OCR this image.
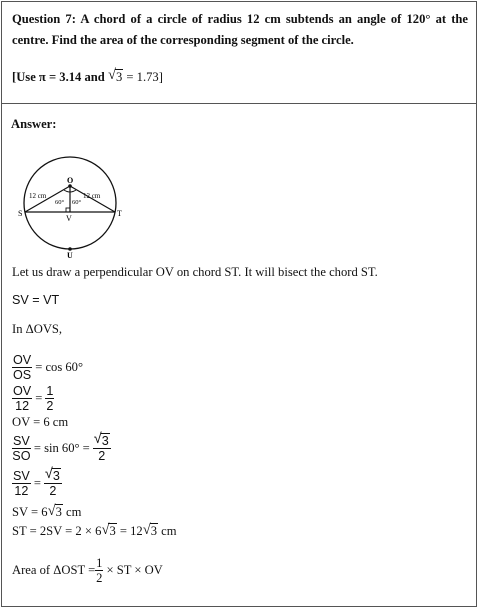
Question 7: A chord of a circle of radius 12 cm subtends an angle of 120° at the centre. Find the area of the corresponding segment of the circle.
[Use π = 3.14 and √ 3 = 1.73]
Answer:
O
S	T
V
U
12 cm	12 cm
60° 60°
Let us draw a perpendicular OV on chord ST. It will bisect the chord ST.
SV = VT
In ΔOVS,
$\frac{OV}{OS} = \cos 60^\circ$
$\frac{OV}{12} = \frac{1}{2}$
OV = 6 cm
$\frac{SV}{SO} = \sin 60^\circ = \frac{√ 3}{2}$
$\frac{SV}{12} = \frac{√ 3}{2}$
SV = 6 √ 3 cm
ST = 2SV = 2 × 6 √ 3 = 12 √ 3 cm
Area of $\Delta OST = \frac{1}{2}$ × ST × OV
